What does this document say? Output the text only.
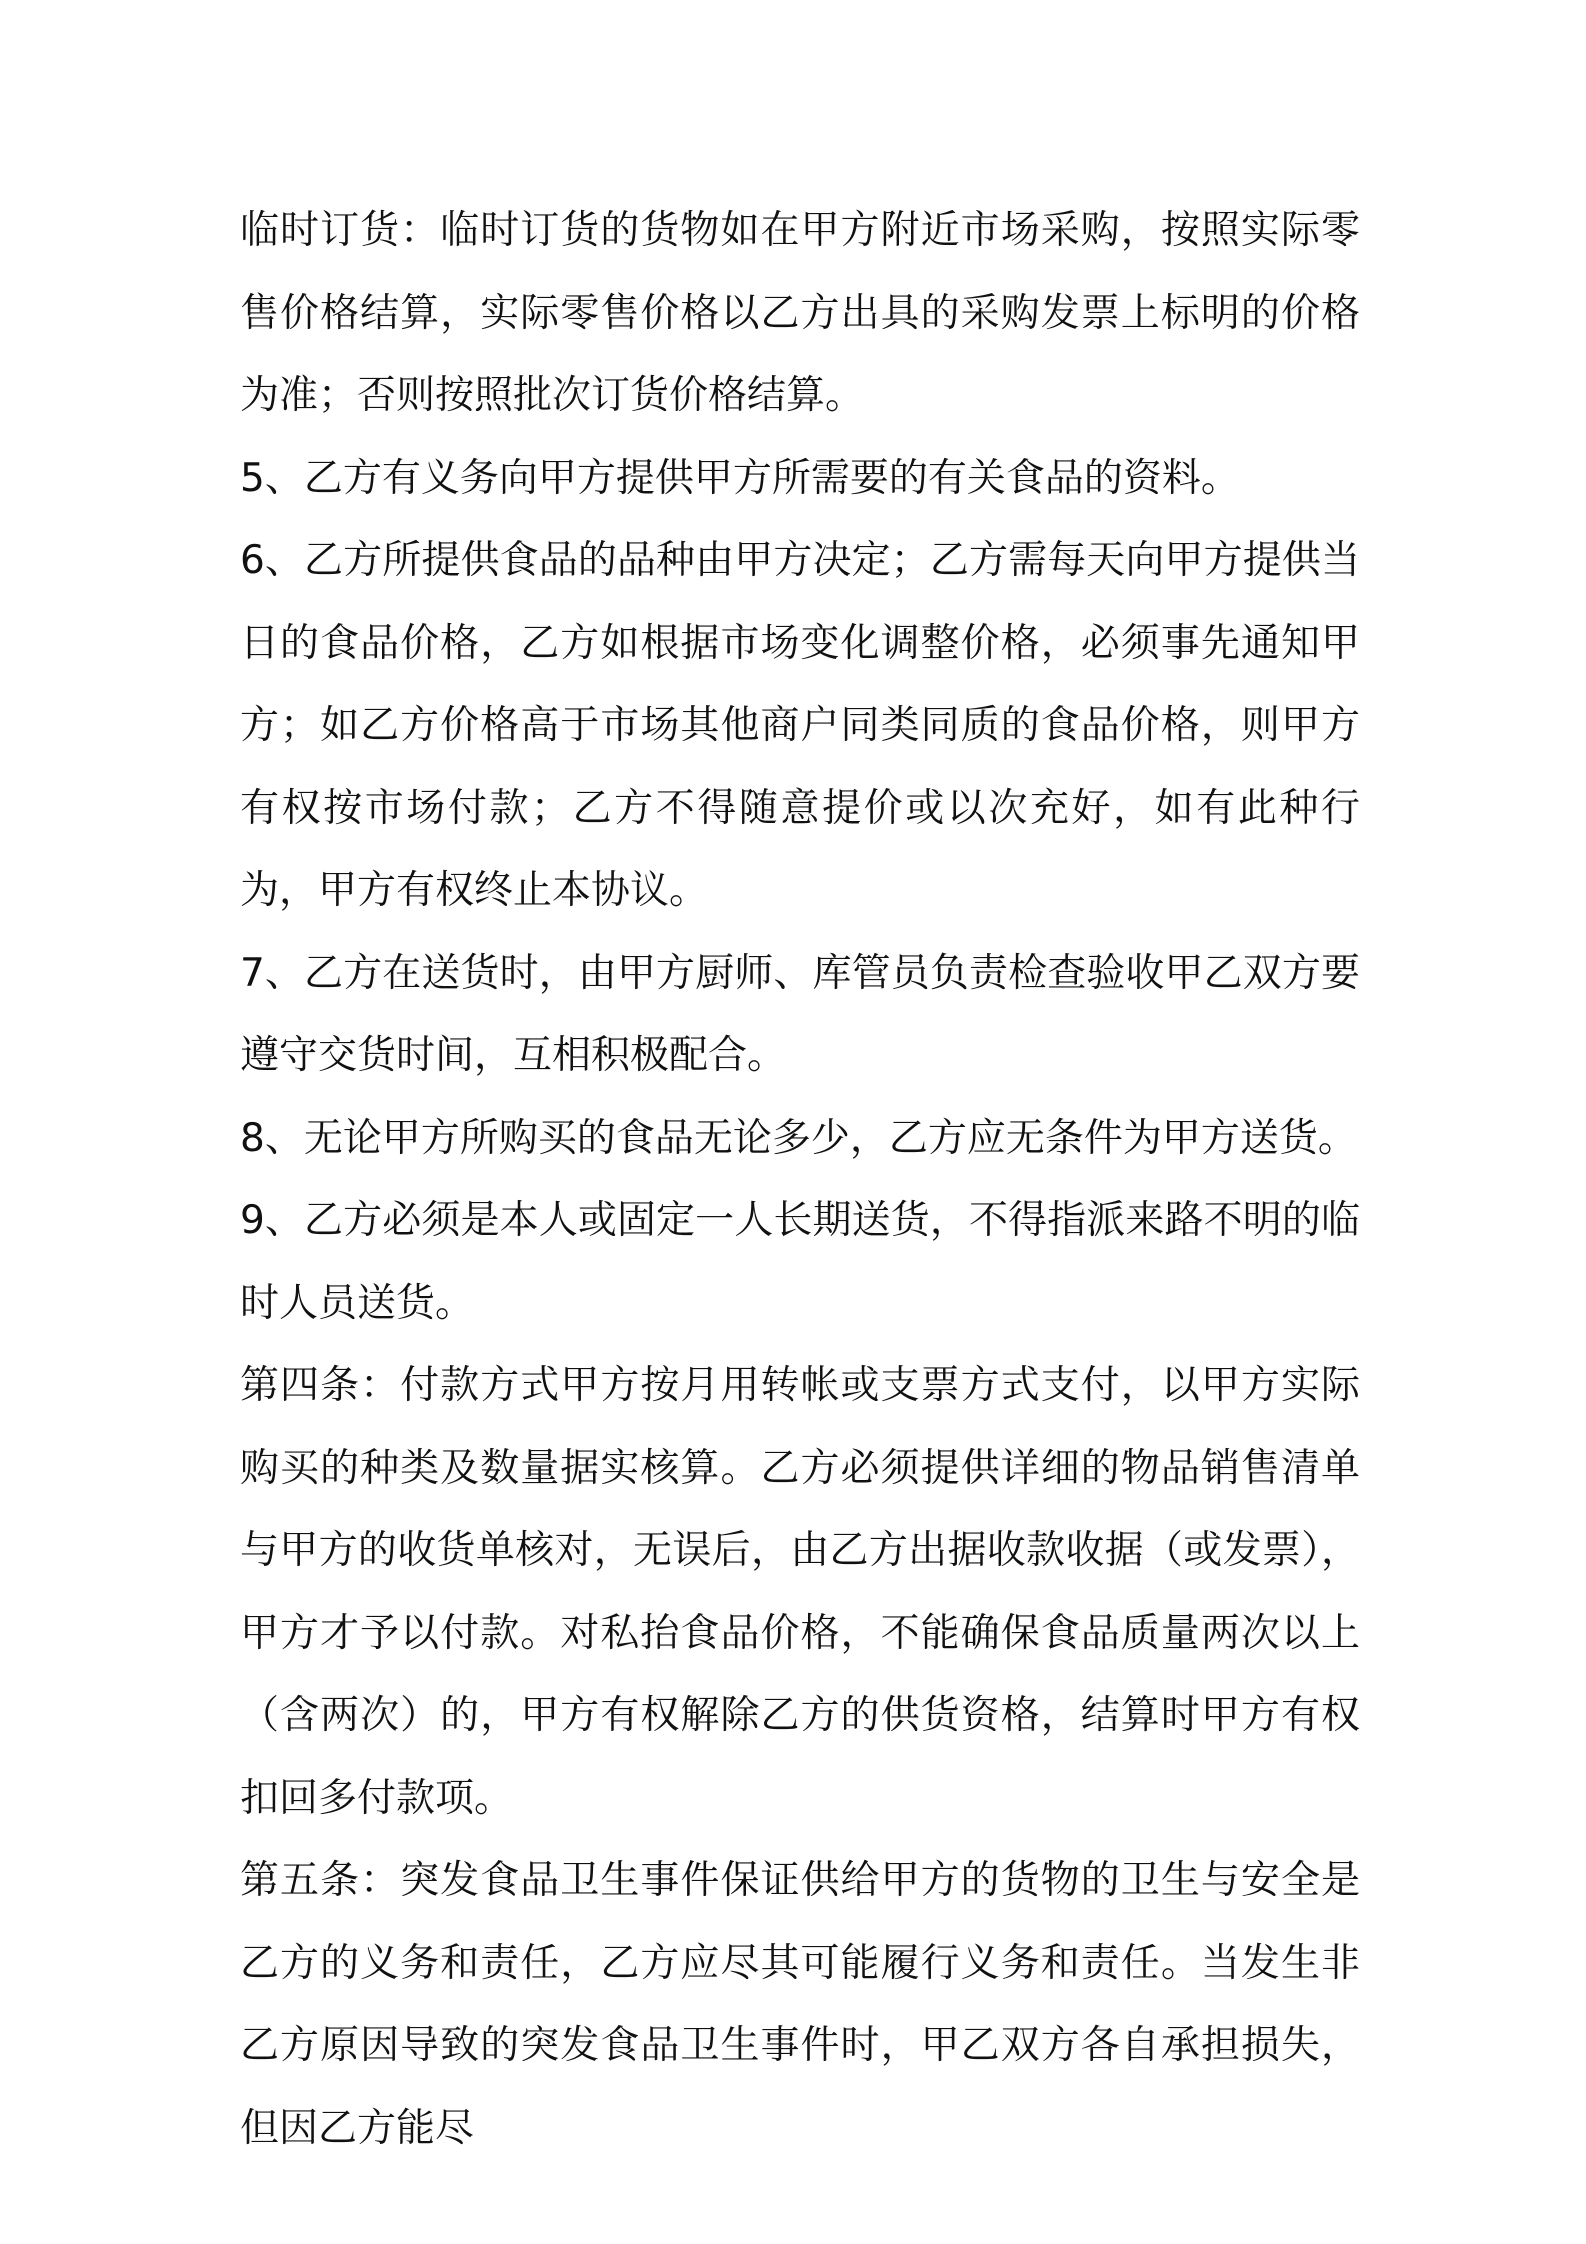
临时订货：临时订货的货物如在甲方附近市场采购，按照实际零售价格结算，实际零售价格以乙方出具的采购发票上标明的价格为准；否则按照批次订货价格结算。

5、乙方有义务向甲方提供甲方所需要的有关食品的资料。

6、乙方所提供食品的品种由甲方决定；乙方需每天向甲方提供当日的食品价格，乙方如根据市场变化调整价格，必须事先通知甲方；如乙方价格高于市场其他商户同类同质的食品价格，则甲方有权按市场付款；乙方不得随意提价或以次充好，如有此种行为，甲方有权终止本协议。

7、乙方在送货时，由甲方厨师、库管员负责检查验收甲乙双方要遵守交货时间，互相积极配合。

8、无论甲方所购买的食品无论多少，乙方应无条件为甲方送货。

9、乙方必须是本人或固定一人长期送货，不得指派来路不明的临时人员送货。

第四条：付款方式甲方按月用转帐或支票方式支付，以甲方实际购买的种类及数量据实核算。乙方必须提供详细的物品销售清单与甲方的收货单核对，无误后，由乙方出据收款收据（或发票），甲方才予以付款。对私抬食品价格，不能确保食品质量两次以上（含两次）的，甲方有权解除乙方的供货资格，结算时甲方有权扣回多付款项。

第五条：突发食品卫生事件保证供给甲方的货物的卫生与安全是乙方的义务和责任，乙方应尽其可能履行义务和责任。当发生非乙方原因导致的突发食品卫生事件时，甲乙双方各自承担损失，但因乙方能尽
